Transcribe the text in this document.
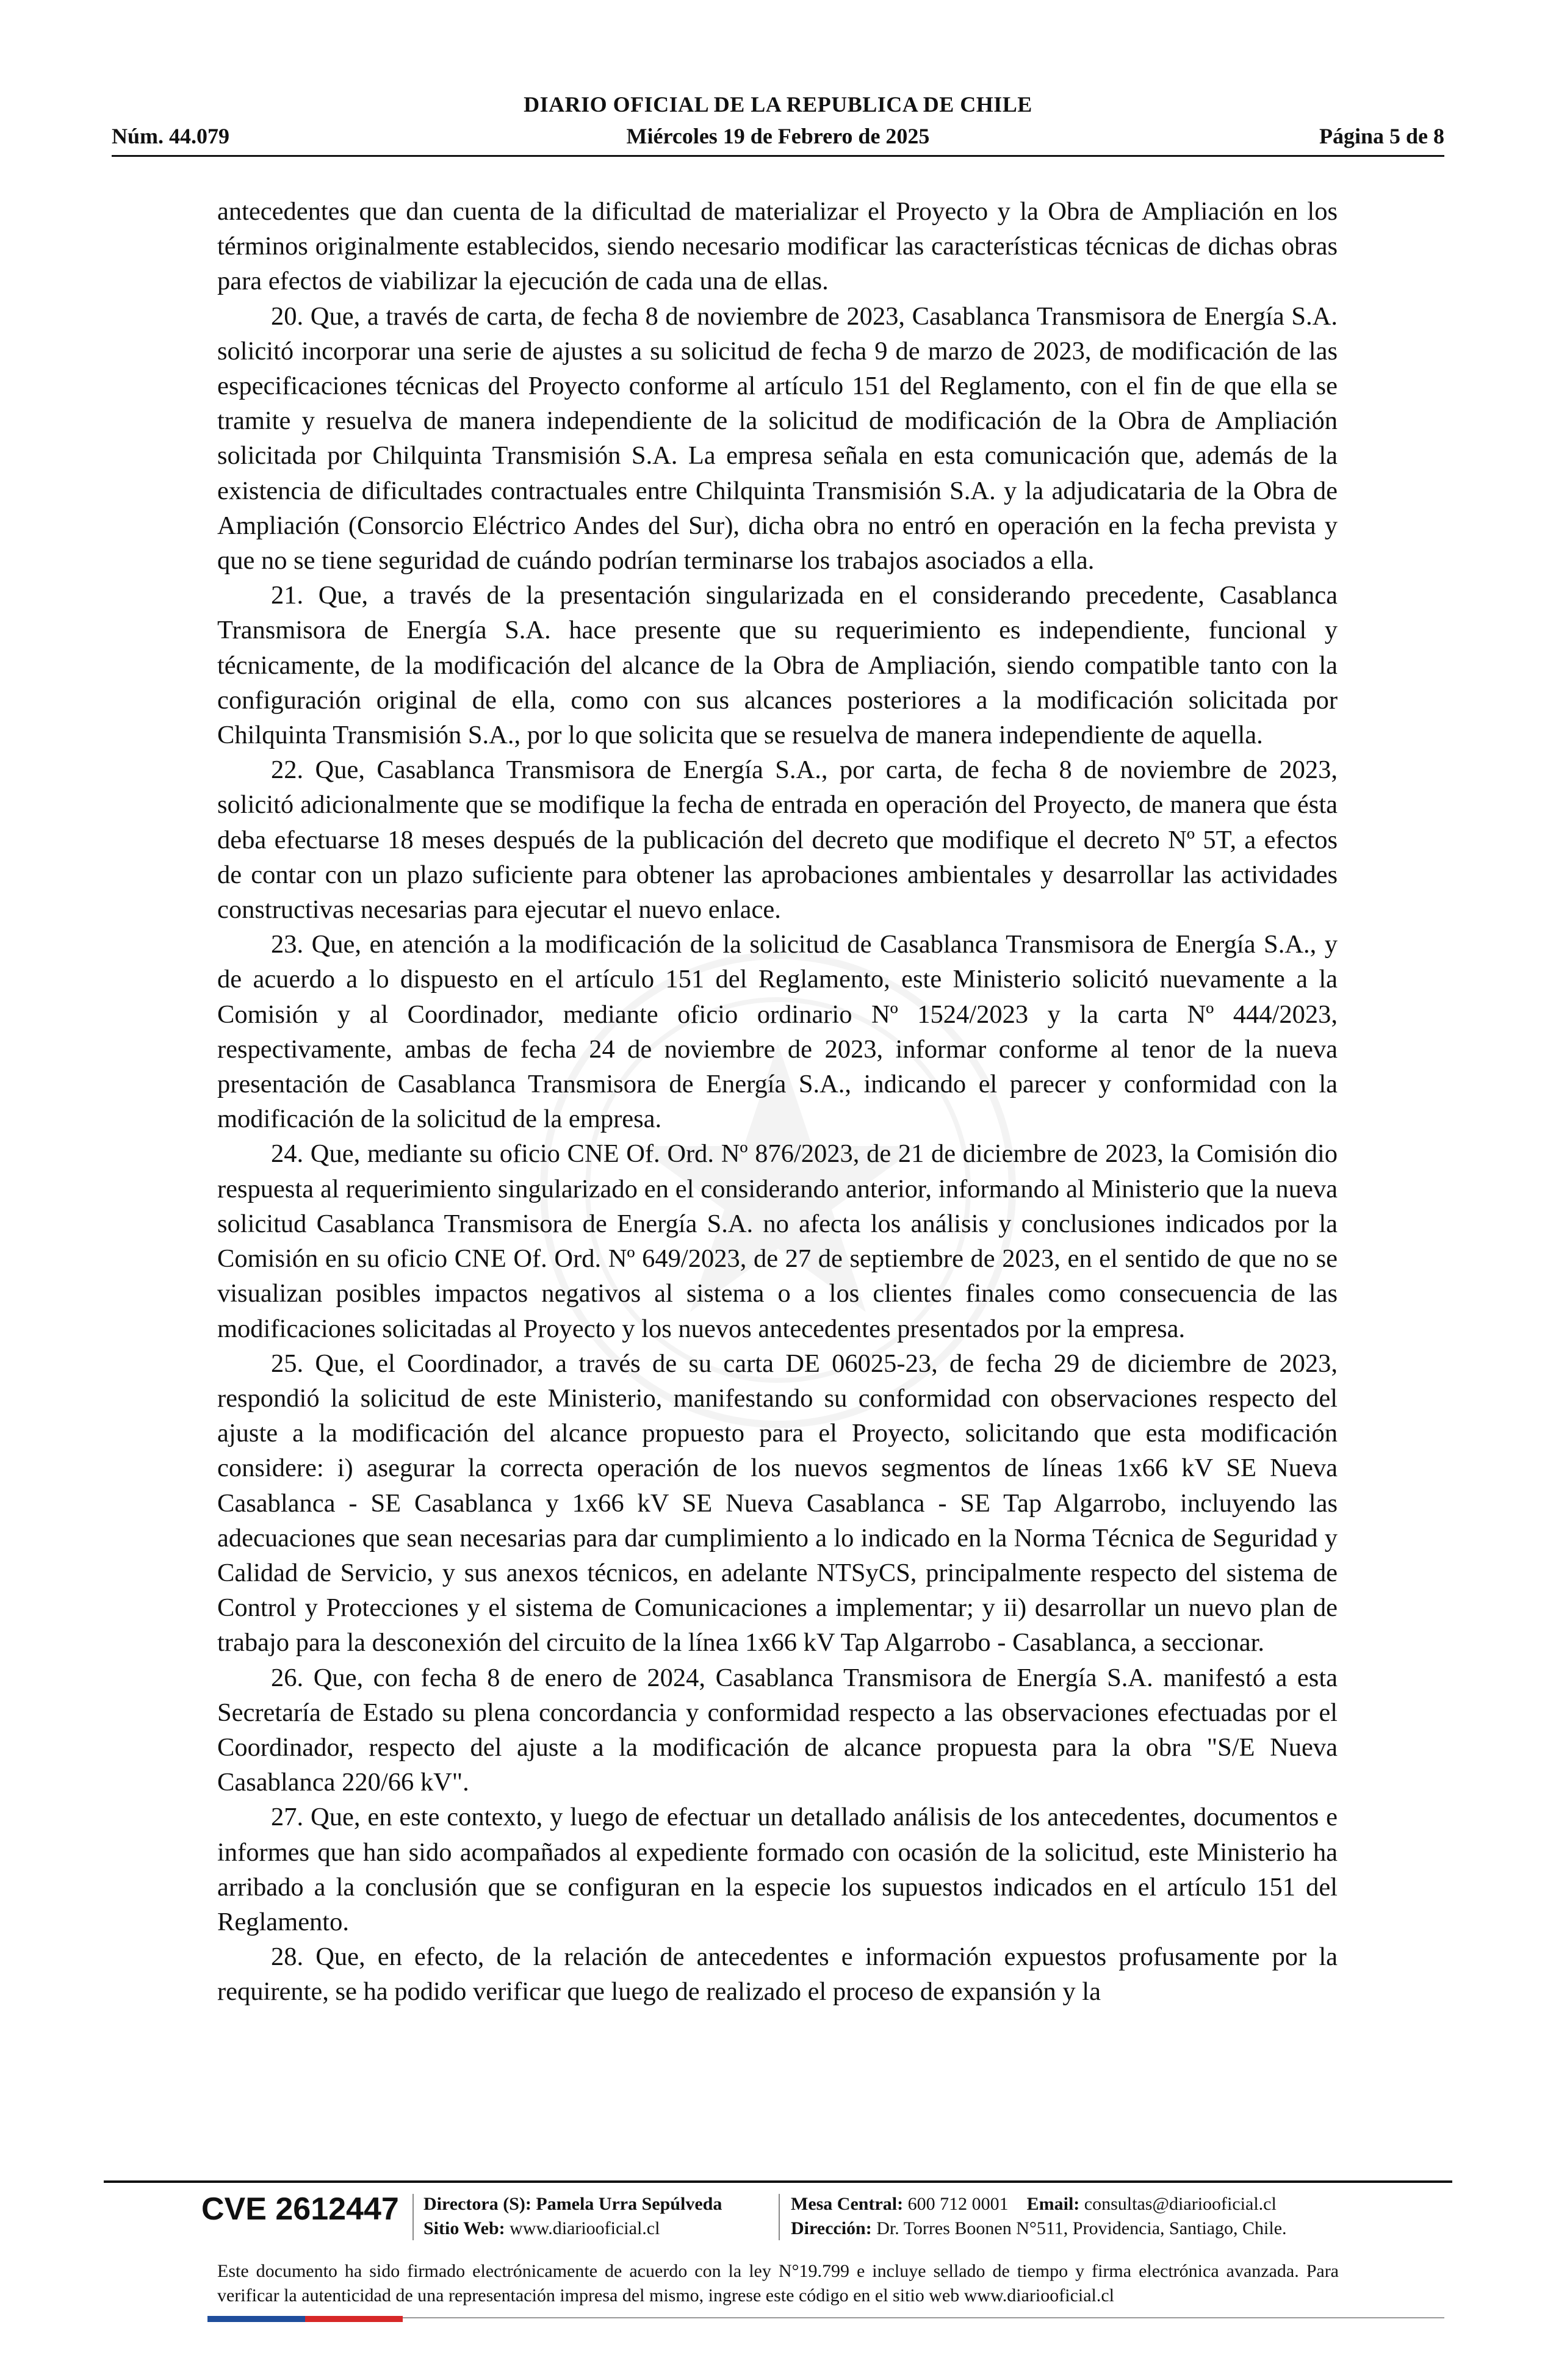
DIARIO OFICIAL DE LA REPUBLICA DE CHILE
Núm. 44.079	Miércoles 19 de Febrero de 2025	Página 5 de 8

antecedentes que dan cuenta de la dificultad de materializar el Proyecto y la Obra de Ampliación en los términos originalmente establecidos, siendo necesario modificar las características técnicas de dichas obras para efectos de viabilizar la ejecución de cada una de ellas.

20. Que, a través de carta, de fecha 8 de noviembre de 2023, Casablanca Transmisora de Energía S.A. solicitó incorporar una serie de ajustes a su solicitud de fecha 9 de marzo de 2023, de modificación de las especificaciones técnicas del Proyecto conforme al artículo 151 del Reglamento, con el fin de que ella se tramite y resuelva de manera independiente de la solicitud de modificación de la Obra de Ampliación solicitada por Chilquinta Transmisión S.A. La empresa señala en esta comunicación que, además de la existencia de dificultades contractuales entre Chilquinta Transmisión S.A. y la adjudicataria de la Obra de Ampliación (Consorcio Eléctrico Andes del Sur), dicha obra no entró en operación en la fecha prevista y que no se tiene seguridad de cuándo podrían terminarse los trabajos asociados a ella.

21. Que, a través de la presentación singularizada en el considerando precedente, Casablanca Transmisora de Energía S.A. hace presente que su requerimiento es independiente, funcional y técnicamente, de la modificación del alcance de la Obra de Ampliación, siendo compatible tanto con la configuración original de ella, como con sus alcances posteriores a la modificación solicitada por Chilquinta Transmisión S.A., por lo que solicita que se resuelva de manera independiente de aquella.

22. Que, Casablanca Transmisora de Energía S.A., por carta, de fecha 8 de noviembre de 2023, solicitó adicionalmente que se modifique la fecha de entrada en operación del Proyecto, de manera que ésta deba efectuarse 18 meses después de la publicación del decreto que modifique el decreto Nº 5T, a efectos de contar con un plazo suficiente para obtener las aprobaciones ambientales y desarrollar las actividades constructivas necesarias para ejecutar el nuevo enlace.

23. Que, en atención a la modificación de la solicitud de Casablanca Transmisora de Energía S.A., y de acuerdo a lo dispuesto en el artículo 151 del Reglamento, este Ministerio solicitó nuevamente a la Comisión y al Coordinador, mediante oficio ordinario Nº 1524/2023 y la carta Nº 444/2023, respectivamente, ambas de fecha 24 de noviembre de 2023, informar conforme al tenor de la nueva presentación de Casablanca Transmisora de Energía S.A., indicando el parecer y conformidad con la modificación de la solicitud de la empresa.

24. Que, mediante su oficio CNE Of. Ord. Nº 876/2023, de 21 de diciembre de 2023, la Comisión dio respuesta al requerimiento singularizado en el considerando anterior, informando al Ministerio que la nueva solicitud Casablanca Transmisora de Energía S.A. no afecta los análisis y conclusiones indicados por la Comisión en su oficio CNE Of. Ord. Nº 649/2023, de 27 de septiembre de 2023, en el sentido de que no se visualizan posibles impactos negativos al sistema o a los clientes finales como consecuencia de las modificaciones solicitadas al Proyecto y los nuevos antecedentes presentados por la empresa.

25. Que, el Coordinador, a través de su carta DE 06025-23, de fecha 29 de diciembre de 2023, respondió la solicitud de este Ministerio, manifestando su conformidad con observaciones respecto del ajuste a la modificación del alcance propuesto para el Proyecto, solicitando que esta modificación considere: i) asegurar la correcta operación de los nuevos segmentos de líneas 1x66 kV SE Nueva Casablanca - SE Casablanca y 1x66 kV SE Nueva Casablanca - SE Tap Algarrobo, incluyendo las adecuaciones que sean necesarias para dar cumplimiento a lo indicado en la Norma Técnica de Seguridad y Calidad de Servicio, y sus anexos técnicos, en adelante NTSyCS, principalmente respecto del sistema de Control y Protecciones y el sistema de Comunicaciones a implementar; y ii) desarrollar un nuevo plan de trabajo para la desconexión del circuito de la línea 1x66 kV Tap Algarrobo - Casablanca, a seccionar.

26. Que, con fecha 8 de enero de 2024, Casablanca Transmisora de Energía S.A. manifestó a esta Secretaría de Estado su plena concordancia y conformidad respecto a las observaciones efectuadas por el Coordinador, respecto del ajuste a la modificación de alcance propuesta para la obra "S/E Nueva Casablanca 220/66 kV".

27. Que, en este contexto, y luego de efectuar un detallado análisis de los antecedentes, documentos e informes que han sido acompañados al expediente formado con ocasión de la solicitud, este Ministerio ha arribado a la conclusión que se configuran en la especie los supuestos indicados en el artículo 151 del Reglamento.

28. Que, en efecto, de la relación de antecedentes e información expuestos profusamente por la requirente, se ha podido verificar que luego de realizado el proceso de expansión y la

CVE 2612447 Directora (S): Pamela Urra Sepúlveda
Sitio Web: www.diariooficial.cl
Mesa Central: 600 712 0001 Email: consultas@diariooficial.cl
Dirección: Dr. Torres Boonen N°511, Providencia, Santiago, Chile.
Este documento ha sido firmado electrónicamente de acuerdo con la ley N°19.799 e incluye sellado de tiempo y firma electrónica avanzada. Para verificar la autenticidad de una representación impresa del mismo, ingrese este código en el sitio web www.diariooficial.cl
